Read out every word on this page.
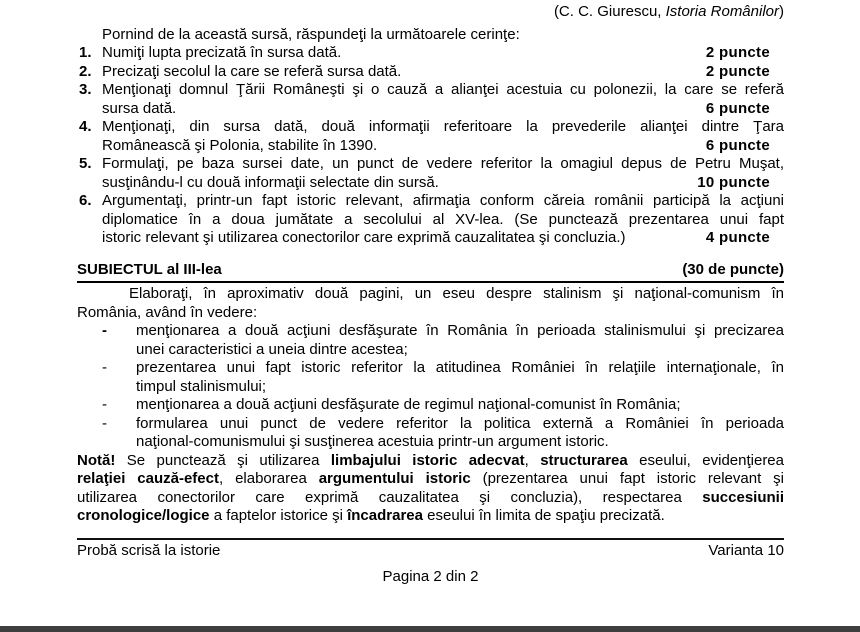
(C. C. Giurescu, Istoria Românilor)
Pornind de la această sursă, răspundeţi la următoarele cerinţe:
1. Numiţi lupta precizată în sursa dată.	2 puncte
2. Precizaţi secolul la care se referă sursa dată.	2 puncte
3. Menţionaţi domnul Ţării Româneşti şi o cauză a alianţei acestuia cu polonezii, la care se referă
sursa dată.	6 puncte
4. Menţionaţi, din sursa dată, două informaţii referitoare la prevederile alianţei dintre Ţara
Românească şi Polonia, stabilite în 1390.	6 puncte
5. Formulaţi, pe baza sursei date, un punct de vedere referitor la omagiul depus de Petru Muşat,
susţinându-l cu două informaţii selectate din sursă.	10 puncte
6. Argumentaţi, printr-un fapt istoric relevant, afirmaţia conform căreia românii participă la acţiuni
diplomatice în a doua jumătate a secolului al XV-lea. (Se punctează prezentarea unui fapt
istoric relevant şi utilizarea conectorilor care exprimă cauzalitatea şi concluzia.)	4 puncte
SUBIECTUL al III-lea	(30 de puncte)
Elaboraţi, în aproximativ două pagini, un eseu despre stalinism şi naţional-comunism în
România, având în vedere:
- menţionarea a două acţiuni desfăşurate în România în perioada stalinismului şi precizarea
unei caracteristici a uneia dintre acestea;
- prezentarea unui fapt istoric referitor la atitudinea României în relaţiile internaţionale, în
timpul stalinismului;
- menţionarea a două acţiuni desfăşurate de regimul naţional-comunist în România;
- formularea unui punct de vedere referitor la politica externă a României în perioada
naţional-comunismului şi susţinerea acestuia printr-un argument istoric.
Notă! Se punctează şi utilizarea limbajului istoric adecvat, structurarea eseului, evidenţierea
relaţiei cauză-efect, elaborarea argumentului istoric (prezentarea unui fapt istoric relevant şi
utilizarea conectorilor care exprimă cauzalitatea şi concluzia), respectarea succesiunii
cronologice/logice a faptelor istorice şi încadrarea eseului în limita de spaţiu precizată.
Probă scrisă la istorie	Varianta 10
Pagina 2 din 2
